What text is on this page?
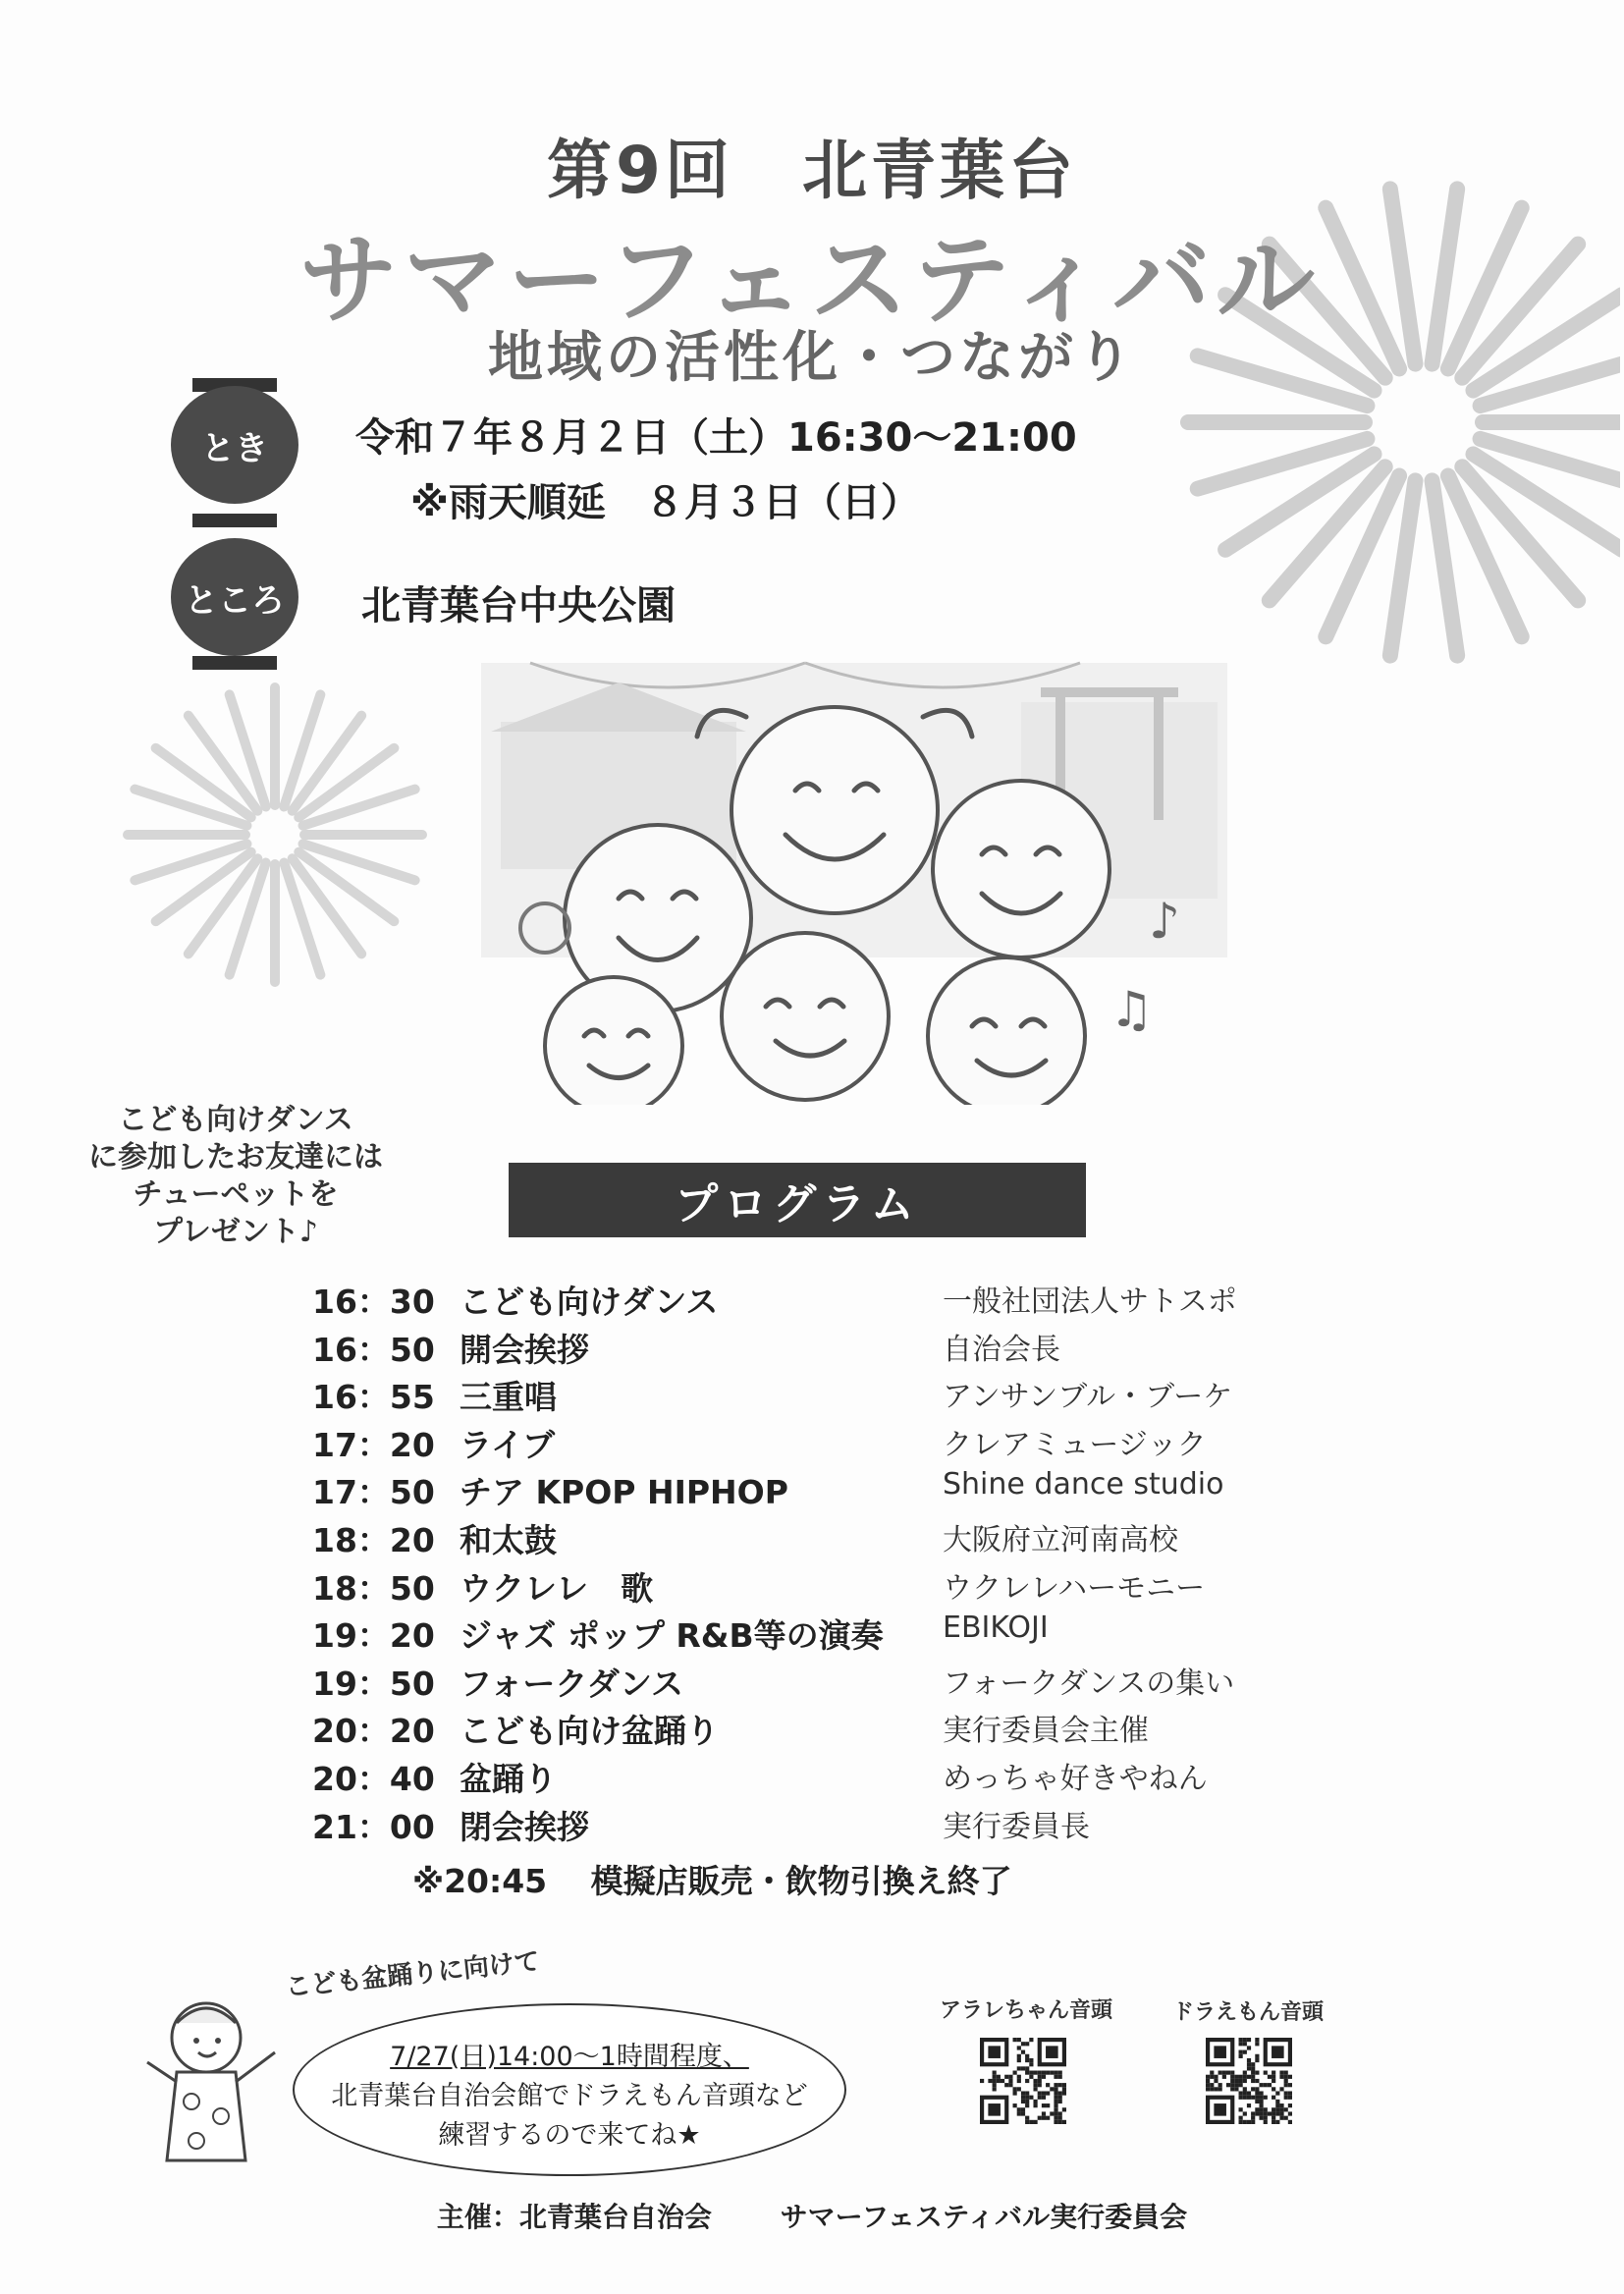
第9回　北青葉台
サマーフェスティバル
地域の活性化・つながり
とき 令和７年８月２日（土）16:30～21:00
※雨天順延　８月３日（日）
ところ 北青葉台中央公園
♪
♫
こども向けダンス
に参加したお友達には
チューペットを
プレゼント♪
プログラム
16：30 こども向けダンス	一般社団法人サトスポ
16：50 開会挨拶	自治会長
16：55 三重唱	アンサンブル・ブーケ
17：20 ライブ	クレアミュージック
17：50 チア KPOP HIPHOP	Shine dance studio
18：20 和太鼓	大阪府立河南高校
18：50 ウクレレ　歌	ウクレレハーモニー
19：20 ジャズ ポップ R&B等の演奏 EBIKOJI
19：50 フォークダンス	フォークダンスの集い
20：20 こども向け盆踊り	実行委員会主催
20：40 盆踊り	めっちゃ好きやねん
21：00 閉会挨拶	実行委員長
※20:45　 模擬店販売・飲物引換え終了
こども盆踊りに向けて
7/27(日)14:00～1時間程度、
北青葉台自治会館でドラえもん音頭など
練習するので来てね★
アラレちゃん音頭	ドラえもん音頭
主催：北青葉台自治会 サマーフェスティバル実行委員会
